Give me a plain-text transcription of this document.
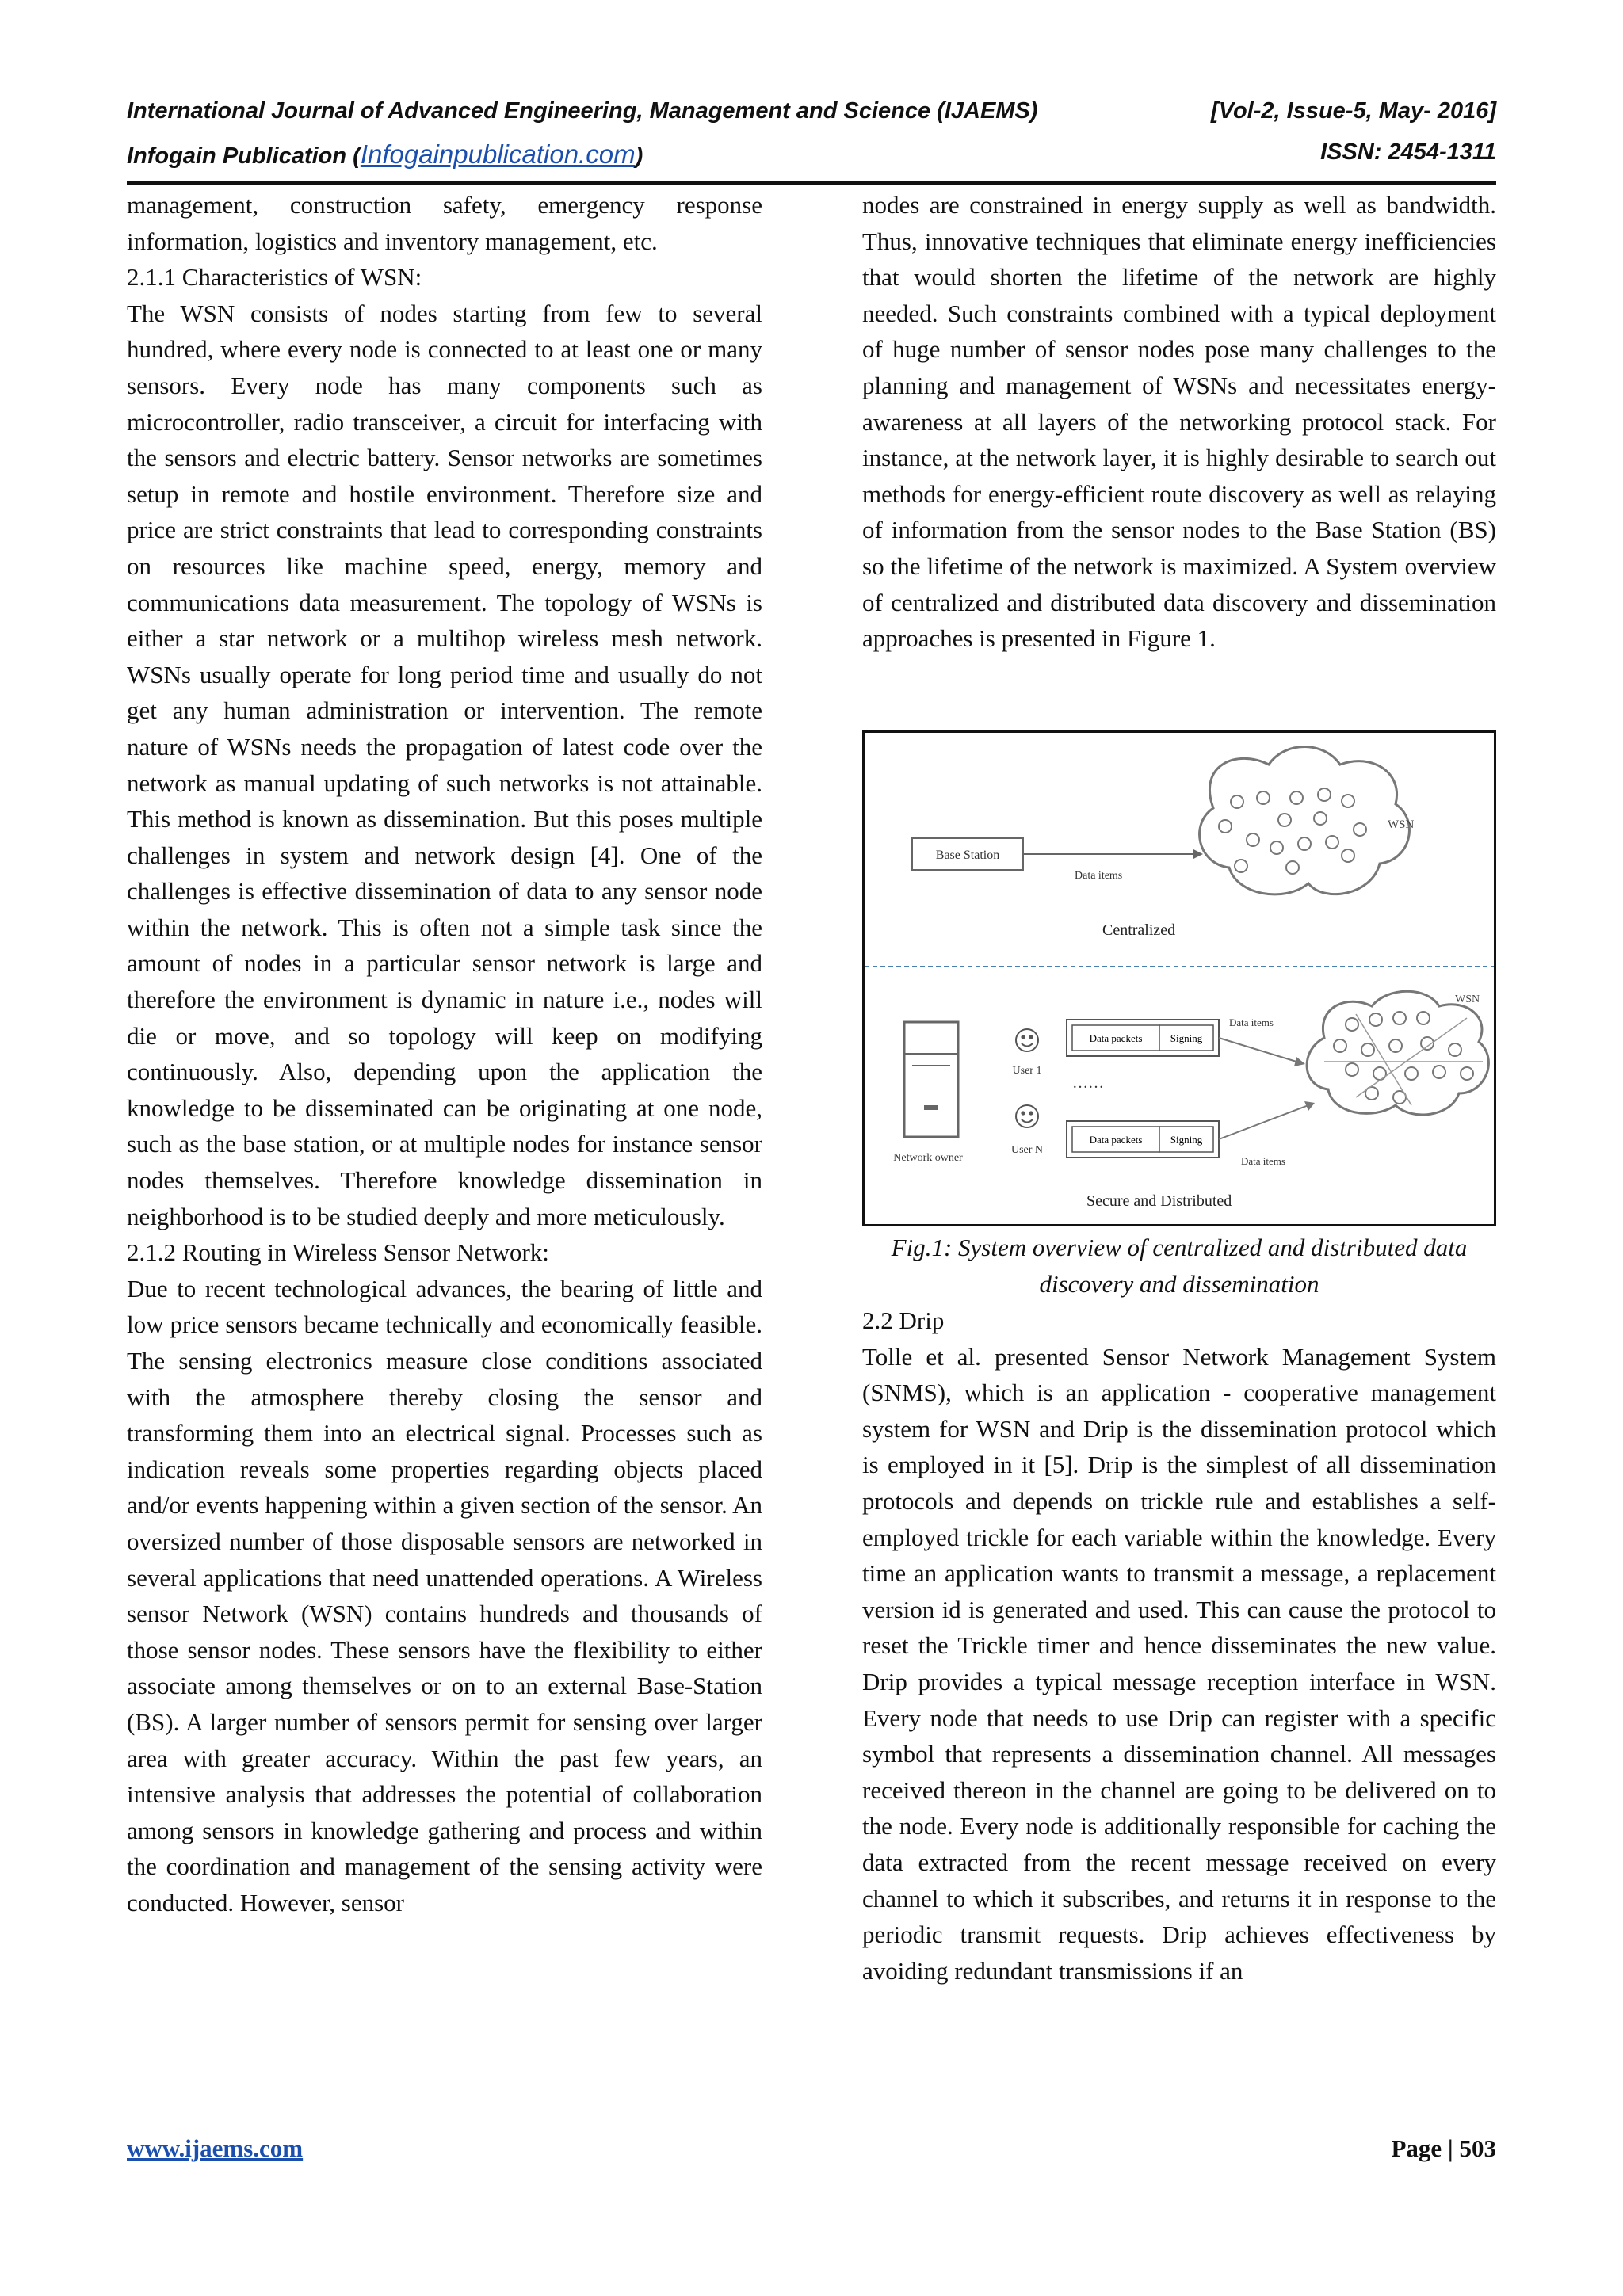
International Journal of Advanced Engineering, Management and Science (IJAEMS)	[Vol-2, Issue-5, May- 2016]
Infogain Publication (Infogainpublication.com)	ISSN: 2454-1311

management, construction safety, emergency response information, logistics and inventory management, etc.

2.1.1 Characteristics of WSN:

The WSN consists of nodes starting from few to several hundred, where every node is connected to at least one or many sensors. Every node has many components such as microcontroller, radio transceiver, a circuit for interfacing with the sensors and electric battery. Sensor networks are sometimes setup in remote and hostile environment. Therefore size and price are strict constraints that lead to corresponding constraints on resources like machine speed, energy, memory and communications data measurement. The topology of WSNs is either a star network or a multihop wireless mesh network. WSNs usually operate for long period time and usually do not get any human administration or intervention. The remote nature of WSNs needs the propagation of latest code over the network as manual updating of such networks is not attainable. This method is known as dissemination. But this poses multiple challenges in system and network design [4]. One of the challenges is effective dissemination of data to any sensor node within the network. This is often not a simple task since the amount of nodes in a particular sensor network is large and therefore the environment is dynamic in nature i.e., nodes will die or move, and so topology will keep on modifying continuously. Also, depending upon the application the knowledge to be disseminated can be originating at one node, such as the base station, or at multiple nodes for instance sensor nodes themselves. Therefore knowledge dissemination in neighborhood is to be studied deeply and more meticulously.

2.1.2 Routing in Wireless Sensor Network:

Due to recent technological advances, the bearing of little and low price sensors became technically and economically feasible. The sensing electronics measure close conditions associated with the atmosphere thereby closing the sensor and transforming them into an electrical signal. Processes such as indication reveals some properties regarding objects placed and/or events happening within a given section of the sensor. An oversized number of those disposable sensors are networked in several applications that need unattended operations. A Wireless sensor Network (WSN) contains hundreds and thousands of those sensor nodes. These sensors have the flexibility to either associate among themselves or on to an external Base-Station (BS). A larger number of sensors permit for sensing over larger area with greater accuracy. Within the past few years, an intensive analysis that addresses the potential of collaboration among sensors in knowledge gathering and process and within the coordination and management of the sensing activity were conducted. However, sensor

nodes are constrained in energy supply as well as bandwidth. Thus, innovative techniques that eliminate energy inefficiencies that would shorten the lifetime of the network are highly needed. Such constraints combined with a typical deployment of huge number of sensor nodes pose many challenges to the planning and management of WSNs and necessitates energy-awareness at all layers of the networking protocol stack. For instance, at the network layer, it is highly desirable to search out methods for energy-efficient route discovery as well as relaying of information from the sensor nodes to the Base Station (BS) so the lifetime of the network is maximized. A System overview of centralized and distributed data discovery and dissemination approaches is presented in Figure 1.

Base Station
Data items
WSN
Centralized
Network owner
User 1
User N
Data packets	Signing
……
Data packets	Signing
Data items
Data items
WSN
Secure and Distributed
Fig.1: System overview of centralized and distributed data discovery and dissemination

2.2 Drip

Tolle et al. presented Sensor Network Management System (SNMS), which is an application - cooperative management system for WSN and Drip is the dissemination protocol which is employed in it [5]. Drip is the simplest of all dissemination protocols and depends on trickle rule and establishes a self-employed trickle for each variable within the knowledge. Every time an application wants to transmit a message, a replacement version id is generated and used. This can cause the protocol to reset the Trickle timer and hence disseminates the new value. Drip provides a typical message reception interface in WSN. Every node that needs to use Drip can register with a specific symbol that represents a dissemination channel. All messages received thereon in the channel are going to be delivered on to the node. Every node is additionally responsible for caching the data extracted from the recent message received on every channel to which it subscribes, and returns it in response to the periodic transmit requests. Drip achieves effectiveness by avoiding redundant transmissions if an

www.ijaems.com	Page | 503
